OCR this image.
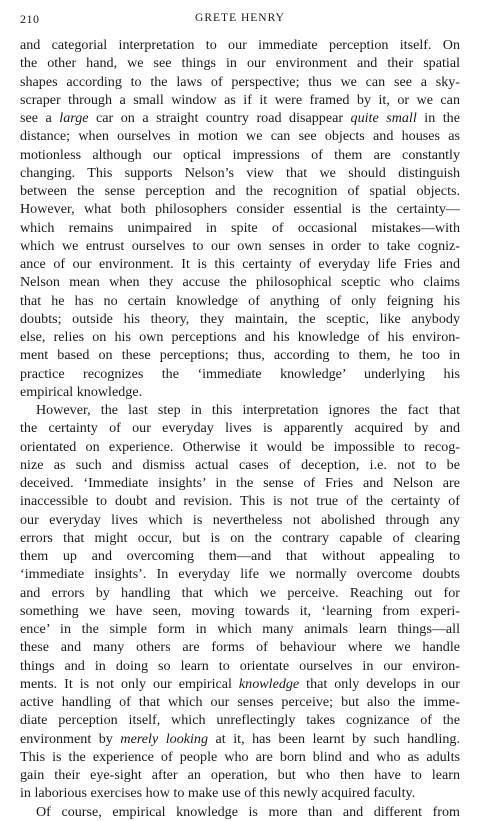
210	GRETE HENRY
and categorial interpretation to our immediate perception itself. On
the other hand, we see things in our environment and their spatial
shapes according to the laws of perspective; thus we can see a sky-
scraper through a small window as if it were framed by it, or we can
see a large car on a straight country road disappear quite small in the
distance; when ourselves in motion we can see objects and houses as
motionless although our optical impressions of them are constantly
changing. This supports Nelson’s view that we should distinguish
between the sense perception and the recognition of spatial objects.
However, what both philosophers consider essential is the certainty—
which remains unimpaired in spite of occasional mistakes—with
which we entrust ourselves to our own senses in order to take cogniz-
ance of our environment. It is this certainty of everyday life Fries and
Nelson mean when they accuse the philosophical sceptic who claims
that he has no certain knowledge of anything of only feigning his
doubts; outside his theory, they maintain, the sceptic, like anybody
else, relies on his own perceptions and his knowledge of his environ-
ment based on these perceptions; thus, according to them, he too in
practice recognizes the ‘immediate knowledge’ underlying his
empirical knowledge.
However, the last step in this interpretation ignores the fact that
the certainty of our everyday lives is apparently acquired by and
orientated on experience. Otherwise it would be impossible to recog-
nize as such and dismiss actual cases of deception, i.e. not to be
deceived. ‘Immediate insights’ in the sense of Fries and Nelson are
inaccessible to doubt and revision. This is not true of the certainty of
our everyday lives which is nevertheless not abolished through any
errors that might occur, but is on the contrary capable of clearing
them up and overcoming them—and that without appealing to
‘immediate insights’. In everyday life we normally overcome doubts
and errors by handling that which we perceive. Reaching out for
something we have seen, moving towards it, ‘learning from experi-
ence’ in the simple form in which many animals learn things—all
these and many others are forms of behaviour where we handle
things and in doing so learn to orientate ourselves in our environ-
ments. It is not only our empirical knowledge that only develops in our
active handling of that which our senses perceive; but also the imme-
diate perception itself, which unreflectingly takes cognizance of the
environment by merely looking at it, has been learnt by such handling.
This is the experience of people who are born blind and who as adults
gain their eye-sight after an operation, but who then have to learn
in laborious exercises how to make use of this newly acquired faculty.
Of course, empirical knowledge is more than and different from
